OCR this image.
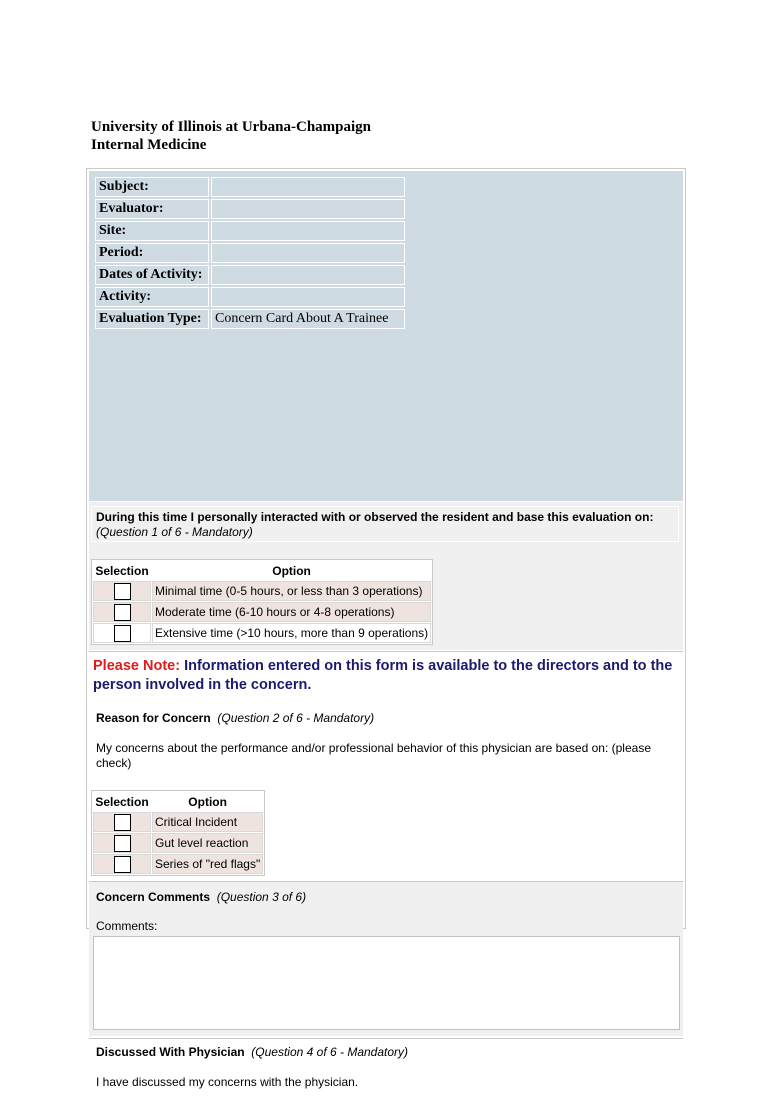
University of Illinois at Urbana-Champaign
Internal Medicine
Subject:	
Evaluator:	
Site:	
Period:	
Dates of Activity:	
Activity:	
Evaluation Type:	Concern Card About A Trainee
During this time I personally interacted with or observed the resident and base this evaluation on: (Question 1 of 6 - Mandatory)
Selection	Option
	Minimal time (0-5 hours, or less than 3 operations)
	Moderate time (6-10 hours or 4-8 operations)
	Extensive time (>10 hours, more than 9 operations)
Please Note: Information entered on this form is available to the directors and to the person involved in the concern.
Reason for Concern (Question 2 of 6 - Mandatory)
My concerns about the performance and/or professional behavior of this physician are based on: (please check)
Selection	Option
	Critical Incident
	Gut level reaction
	Series of "red flags"
Concern Comments (Question 3 of 6)
Comments:
Discussed With Physician (Question 4 of 6 - Mandatory)
I have discussed my concerns with the physician.
